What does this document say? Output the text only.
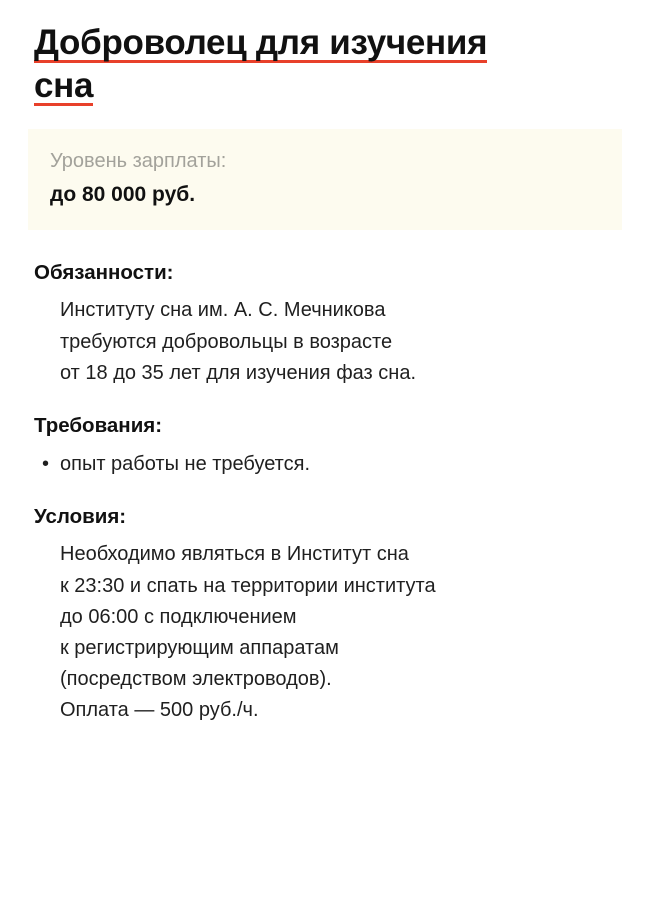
Доброволец для изучения
сна
Уровень зарплаты:
до 80 000 руб.
Обязанности:
Институту сна им. А. С. Мечникова
требуются добровольцы в возрасте
от 18 до 35 лет для изучения фаз сна.
Требования:
• опыт работы не требуется.
Условия:
Необходимо являться в Институт сна
к 23:30 и спать на территории института
до 06:00 с подключением
к регистрирующим аппаратам
(посредством электроводов).
Оплата — 500 руб./ч.
